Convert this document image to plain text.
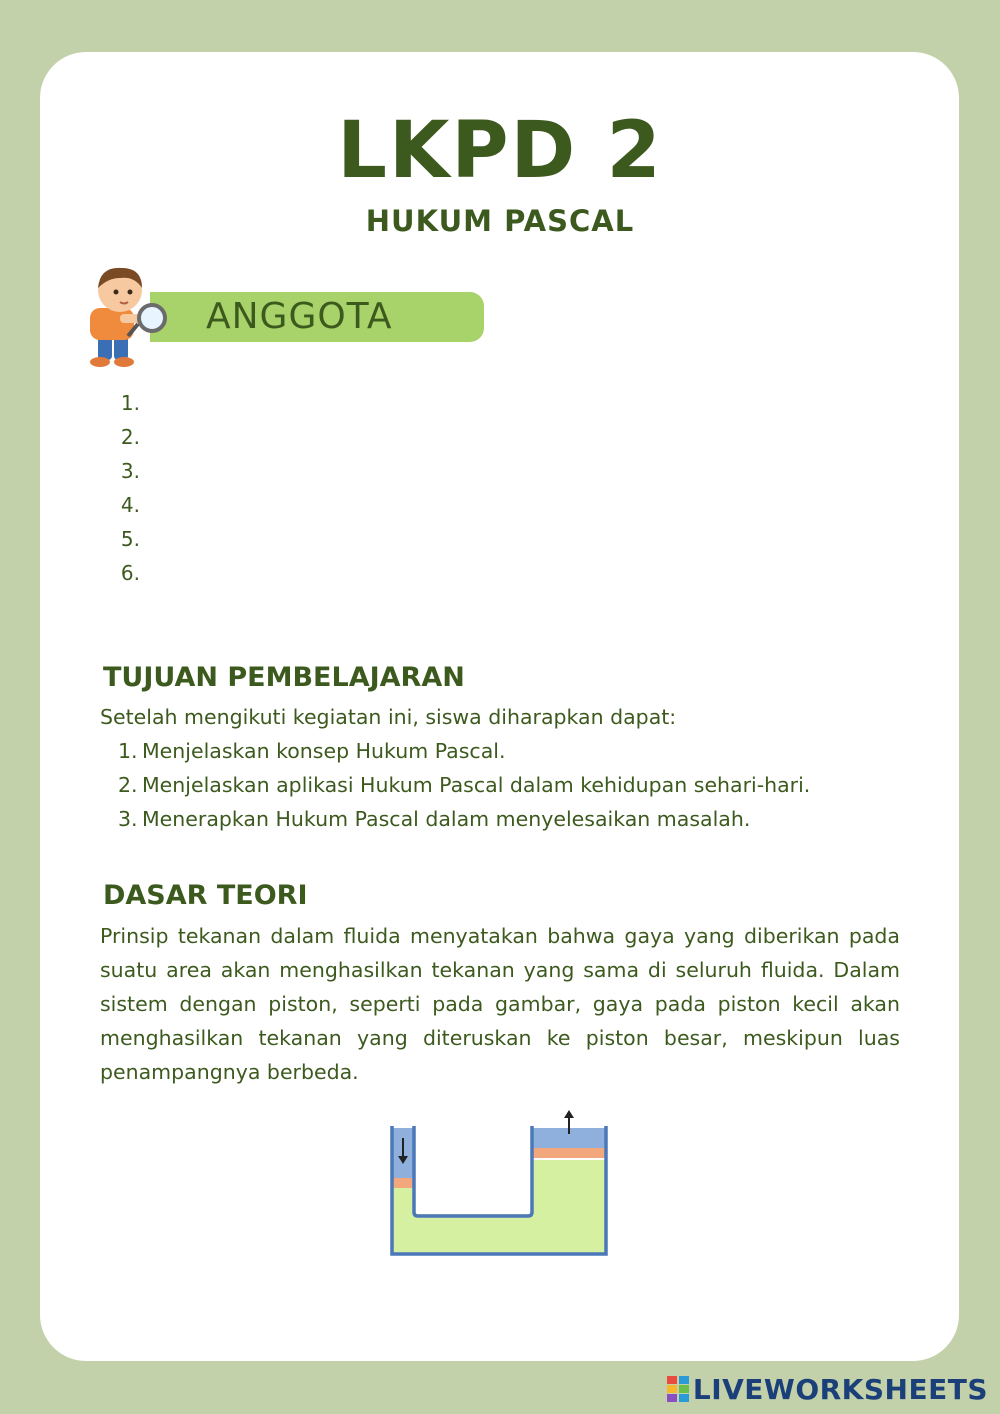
LKPD 2
HUKUM PASCAL
ANGGOTA
1.
2.
3.
4.
5.
6.
TUJUAN PEMBELAJARAN
Setelah mengikuti kegiatan ini, siswa diharapkan dapat:
1. Menjelaskan konsep Hukum Pascal.
2. Menjelaskan aplikasi Hukum Pascal dalam kehidupan sehari-hari.
3. Menerapkan Hukum Pascal dalam menyelesaikan masalah.
DASAR TEORI
Prinsip tekanan dalam fluida menyatakan bahwa gaya yang diberikan pada suatu area akan menghasilkan tekanan yang sama di seluruh fluida. Dalam sistem dengan piston, seperti pada gambar, gaya pada piston kecil akan menghasilkan tekanan yang diteruskan ke piston besar, meskipun luas penampangnya berbeda.
LIVEWORKSHEETS
